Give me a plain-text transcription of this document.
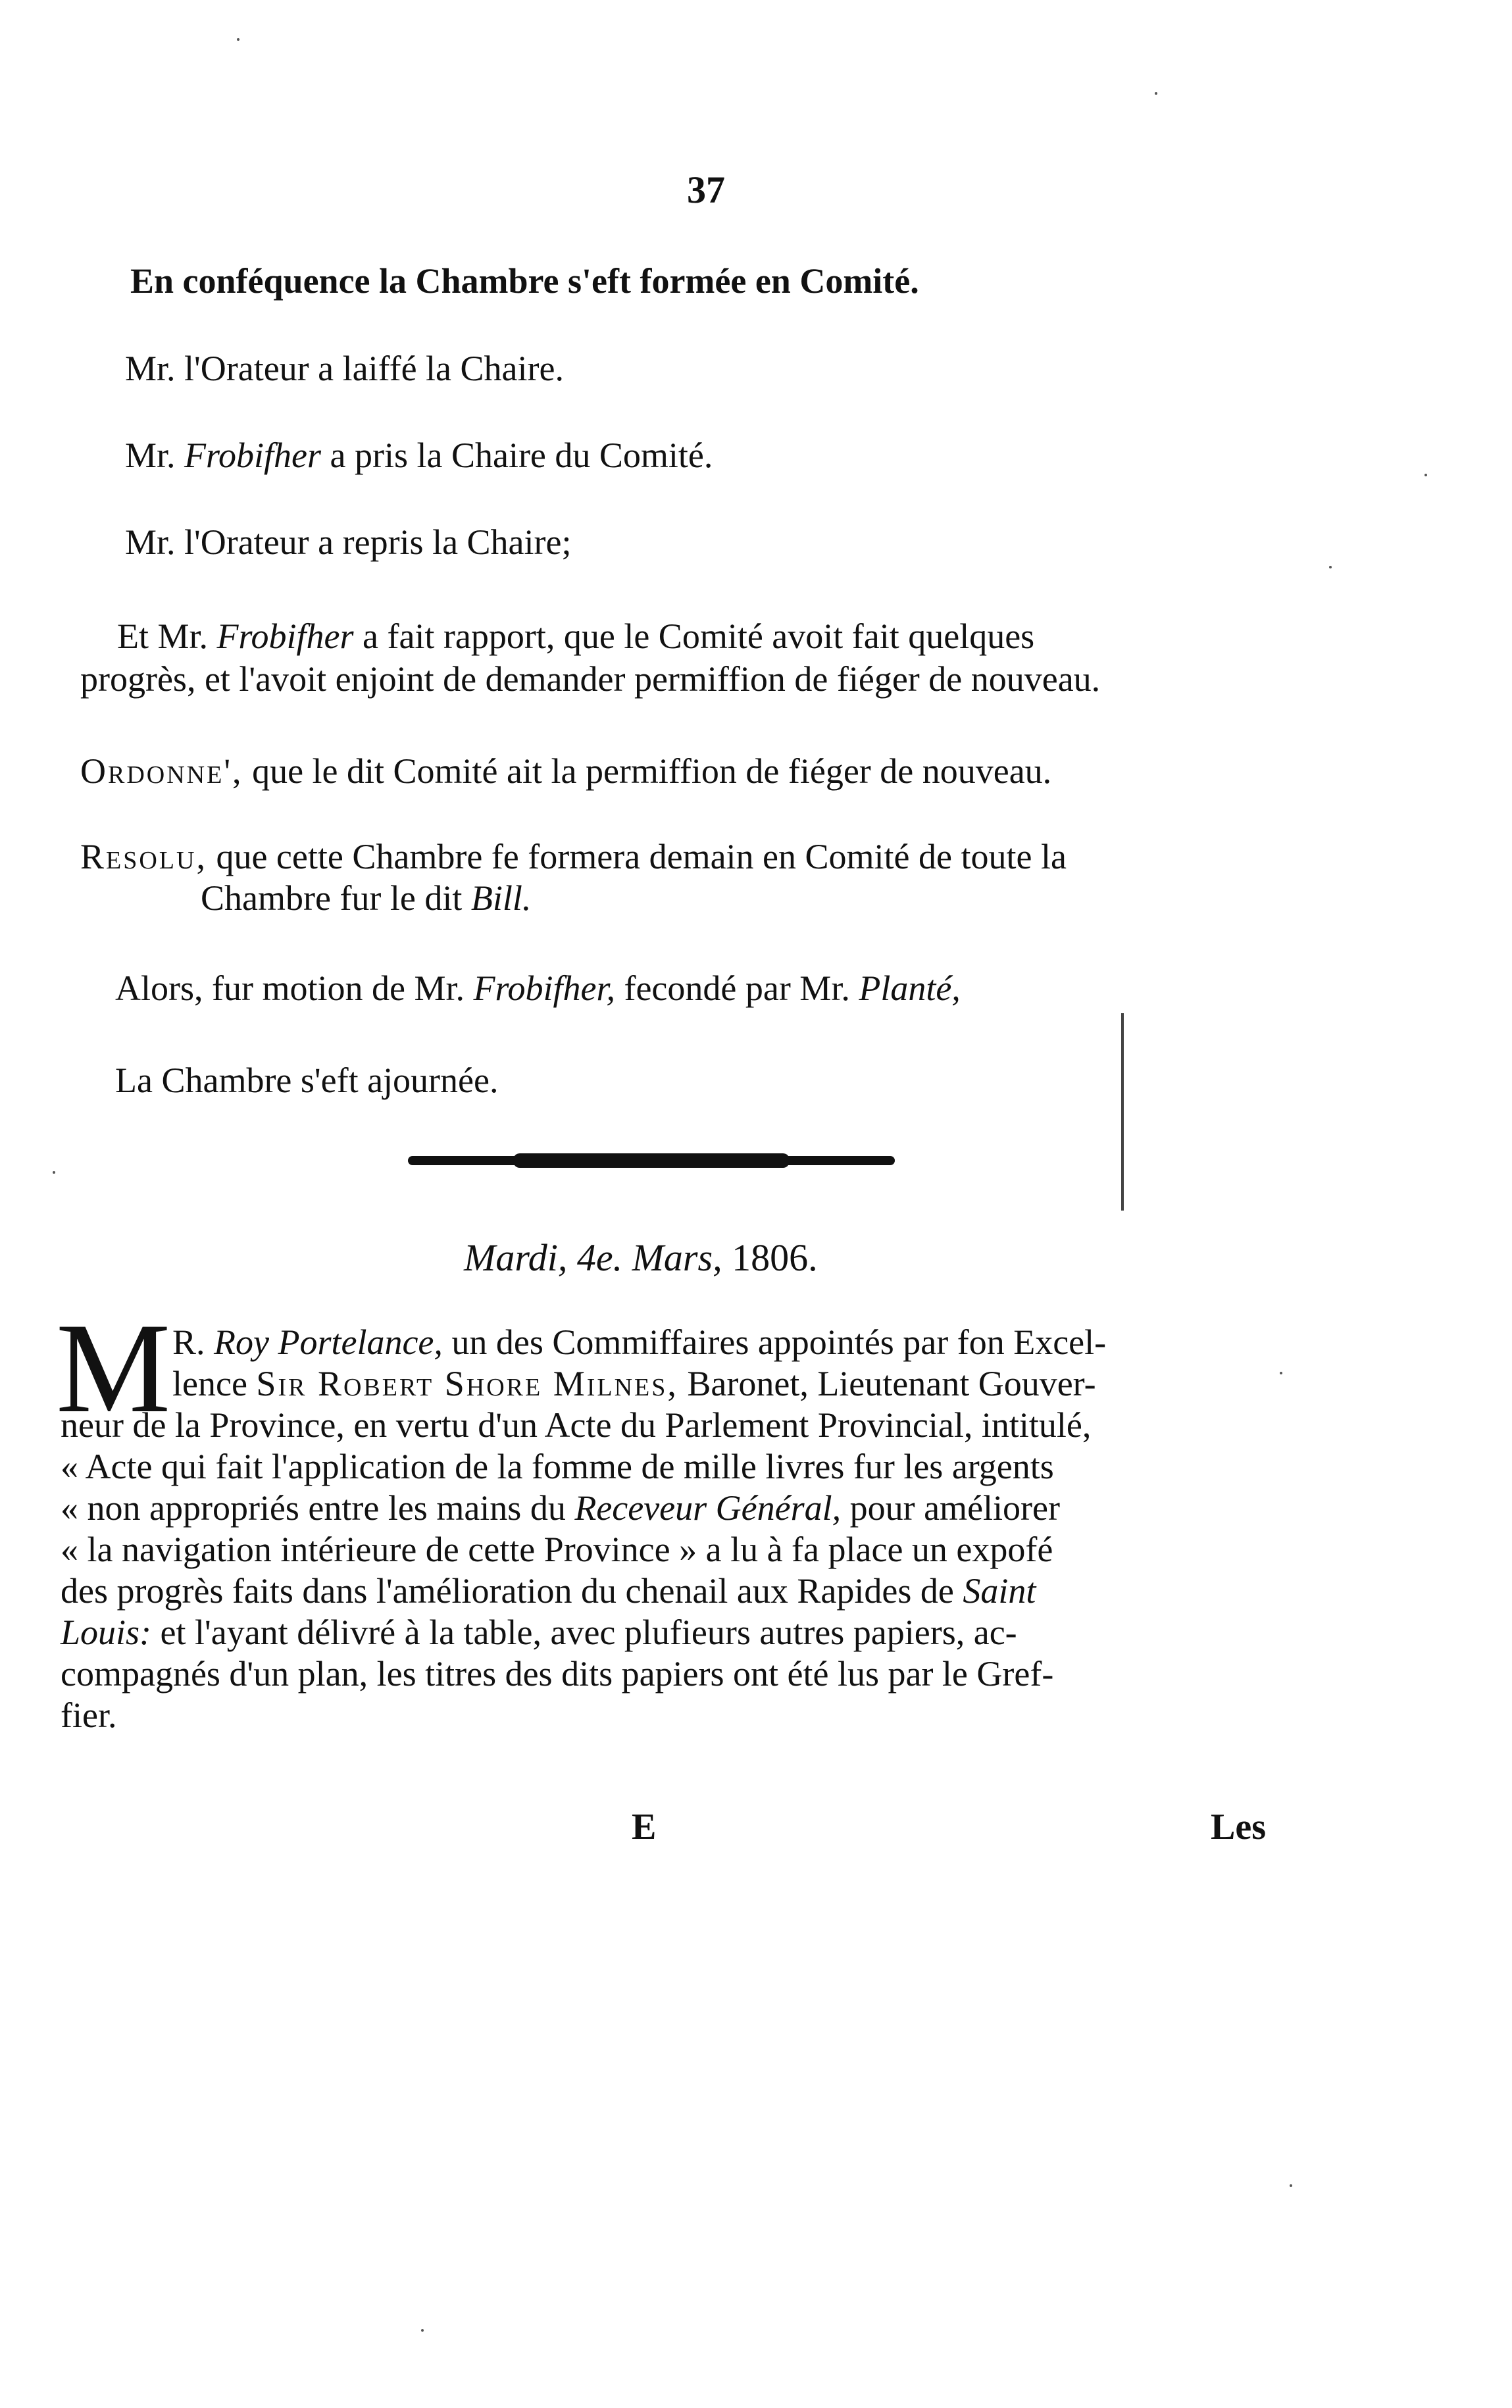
37
En conféquence la Chambre s'eft formée en Comité.
Mr. l'Orateur a laiffé la Chaire.
Mr. Frobifher a pris la Chaire du Comité.
Mr. l'Orateur a repris la Chaire;
Et Mr. Frobifher a fait rapport, que le Comité avoit fait quelques
progrès, et l'avoit enjoint de demander permiffion de fiéger de nouveau.
Ordonne', que le dit Comité ait la permiffion de fiéger de nouveau.
Resolu, que cette Chambre fe formera demain en Comité de toute la
Chambre fur le dit Bill.
Alors, fur motion de Mr. Frobifher, fecondé par Mr. Planté,
La Chambre s'eft ajournée.
Mardi, 4e. Mars, 1806.
M R. Roy Portelance, un des Commiffaires appointés par fon Excel-
lence Sir Robert Shore Milnes, Baronet, Lieutenant Gouver-
neur de la Province, en vertu d'un Acte du Parlement Provincial, intitulé,
« Acte qui fait l'application de la fomme de mille livres fur les argents
« non appropriés entre les mains du Receveur Général, pour améliorer
« la navigation intérieure de cette Province » a lu à fa place un expofé
des progrès faits dans l'amélioration du chenail aux Rapides de Saint
Louis: et l'ayant délivré à la table, avec plufieurs autres papiers, ac-
compagnés d'un plan, les titres des dits papiers ont été lus par le Gref-
fier.
E	Les
